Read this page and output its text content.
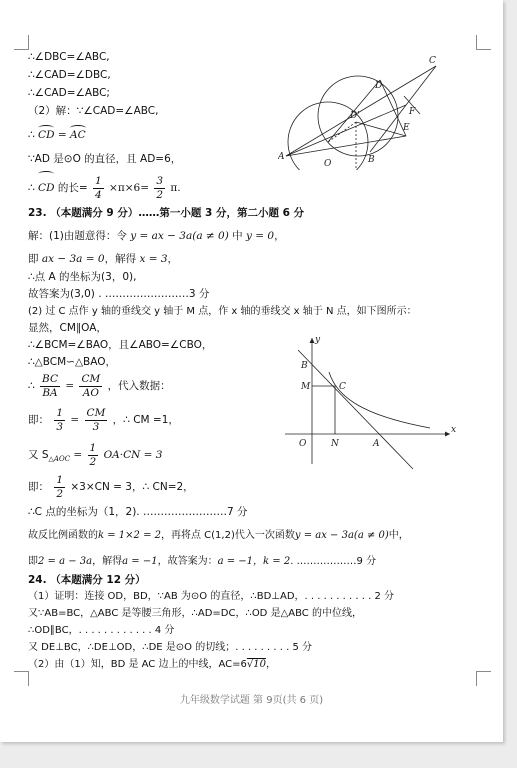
∴∠DBC=∠ABC,
∴∠CAD=∠DBC,
∴∠CAD=∠ABC;
（2）解：∵∠CAD=∠ABC,
∴ CD = AC
∵AD 是⊙O 的直径，且 AD=6，
∴ CD 的长= $\frac{1}{4} \times\pi\times 6= \frac{3}{2} \pi$.
23. （本题满分 9 分）……第一小题 3 分，第二小题 6 分
解：(1)由题意得：令 y = ax − 3a(a ≠ 0) 中 y = 0，
即 ax − 3a = 0，解得 x = 3，
∴点 A 的坐标为(3，0),
故答案为(3,0) . ……………………3 分
(2) 过 C 点作 y 轴的垂线交 y 轴于 M 点，作 x 轴的垂线交 x 轴于 N 点，如下图所示：
显然，CM∥OA，
∴∠BCM=∠BAO，且∠ABO=∠CBO，
∴△BCM∽△BAO，
∴ $\frac{BC}{BA} = \frac{CM}{AO}$ ，代入数据：
即： $\frac{1}{3} = \frac{CM}{3}$ ，∴ CM =1，
又 $S_{\triangle AOC} = \frac{1}{2} OA\cdot CN = 3$
即： $\frac{1}{2} \times 3\times CN = 3$，∴ CN=2，
∴C 点的坐标为（1，2). ……………………7 分
故反比例函数的k = 1×2 = 2，再将点 C(1,2)代入一次函数y = ax − 3a(a ≠ 0)中，
即2 = a − 3a，解得a = −1，故答案为：a = −1，k = 2. ………………9 分
24. （本题满分 12 分）
（1）证明：连接 OD，BD，∵AB 为⊙O 的直径，∴BD⊥AD，. . . . . . . . . . . 2 分
又∵AB=BC，△ABC 是等腰三角形，∴AD=DC，∴OD 是△ABC 的中位线，
∴OD∥BC，. . . . . . . . . . . . 4 分
又 DE⊥BC，∴DE⊥OD，∴DE 是⊙O 的切线；. . . . . . . . . 5 分
（2）由（1）知，BD 是 AC 边上的中线，AC=6√10，
C
D
A
O	B
E
D'	F
y
B
M	C
O	N	A
x
九年级数学试题 第 9页(共 6 页)
